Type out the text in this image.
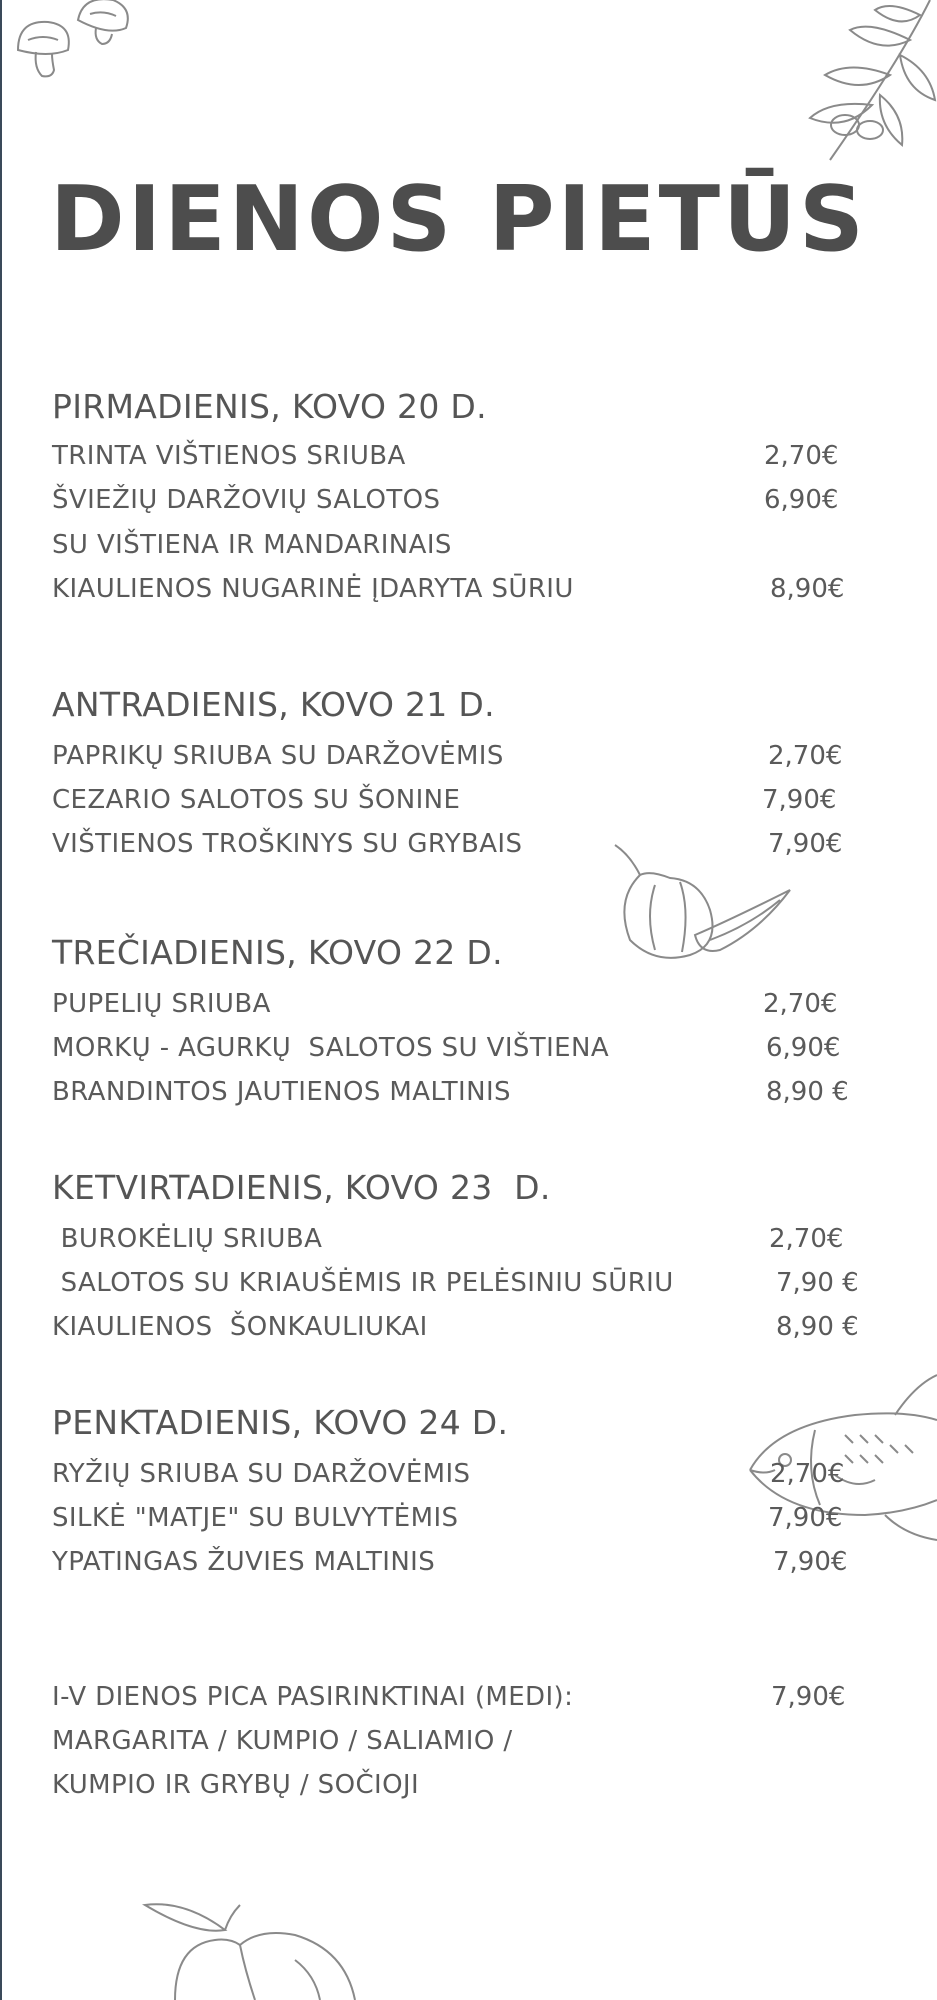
DIENOS PIETŪS
PIRMADIENIS, KOVO 20 D.
TRINTA VIŠTIENOS SRIUBA	2,70€
ŠVIEŽIŲ DARŽOVIŲ SALOTOS	6,90€
SU VIŠTIENA IR MANDARINAIS
KIAULIENOS NUGARINĖ ĮDARYTA SŪRIU	8,90€
ANTRADIENIS, KOVO 21 D.
PAPRIKŲ SRIUBA SU DARŽOVĖMIS	2,70€
CEZARIO SALOTOS SU ŠONINE	7,90€
VIŠTIENOS TROŠKINYS SU GRYBAIS	7,90€
TREČIADIENIS, KOVO 22 D.
PUPELIŲ SRIUBA	2,70€
MORKŲ - AGURKŲ  SALOTOS SU VIŠTIENA	6,90€
BRANDINTOS JAUTIENOS MALTINIS	8,90 €
KETVIRTADIENIS, KOVO 23  D.
BUROKĖLIŲ SRIUBA	2,70€
SALOTOS SU KRIAUŠĖMIS IR PELĖSINIU SŪRIU	7,90 €
KIAULIENOS  ŠONKAULIUKAI	8,90 €
PENKTADIENIS, KOVO 24 D.
RYŽIŲ SRIUBA SU DARŽOVĖMIS	2,70€
SILKĖ "MATJE" SU BULVYTĖMIS	7,90€
YPATINGAS ŽUVIES MALTINIS	7,90€
I-V DIENOS PICA PASIRINKTINAI (MEDI):	7,90€
MARGARITA / KUMPIO / SALIAMIO /
KUMPIO IR GRYBŲ / SOČIOJI
